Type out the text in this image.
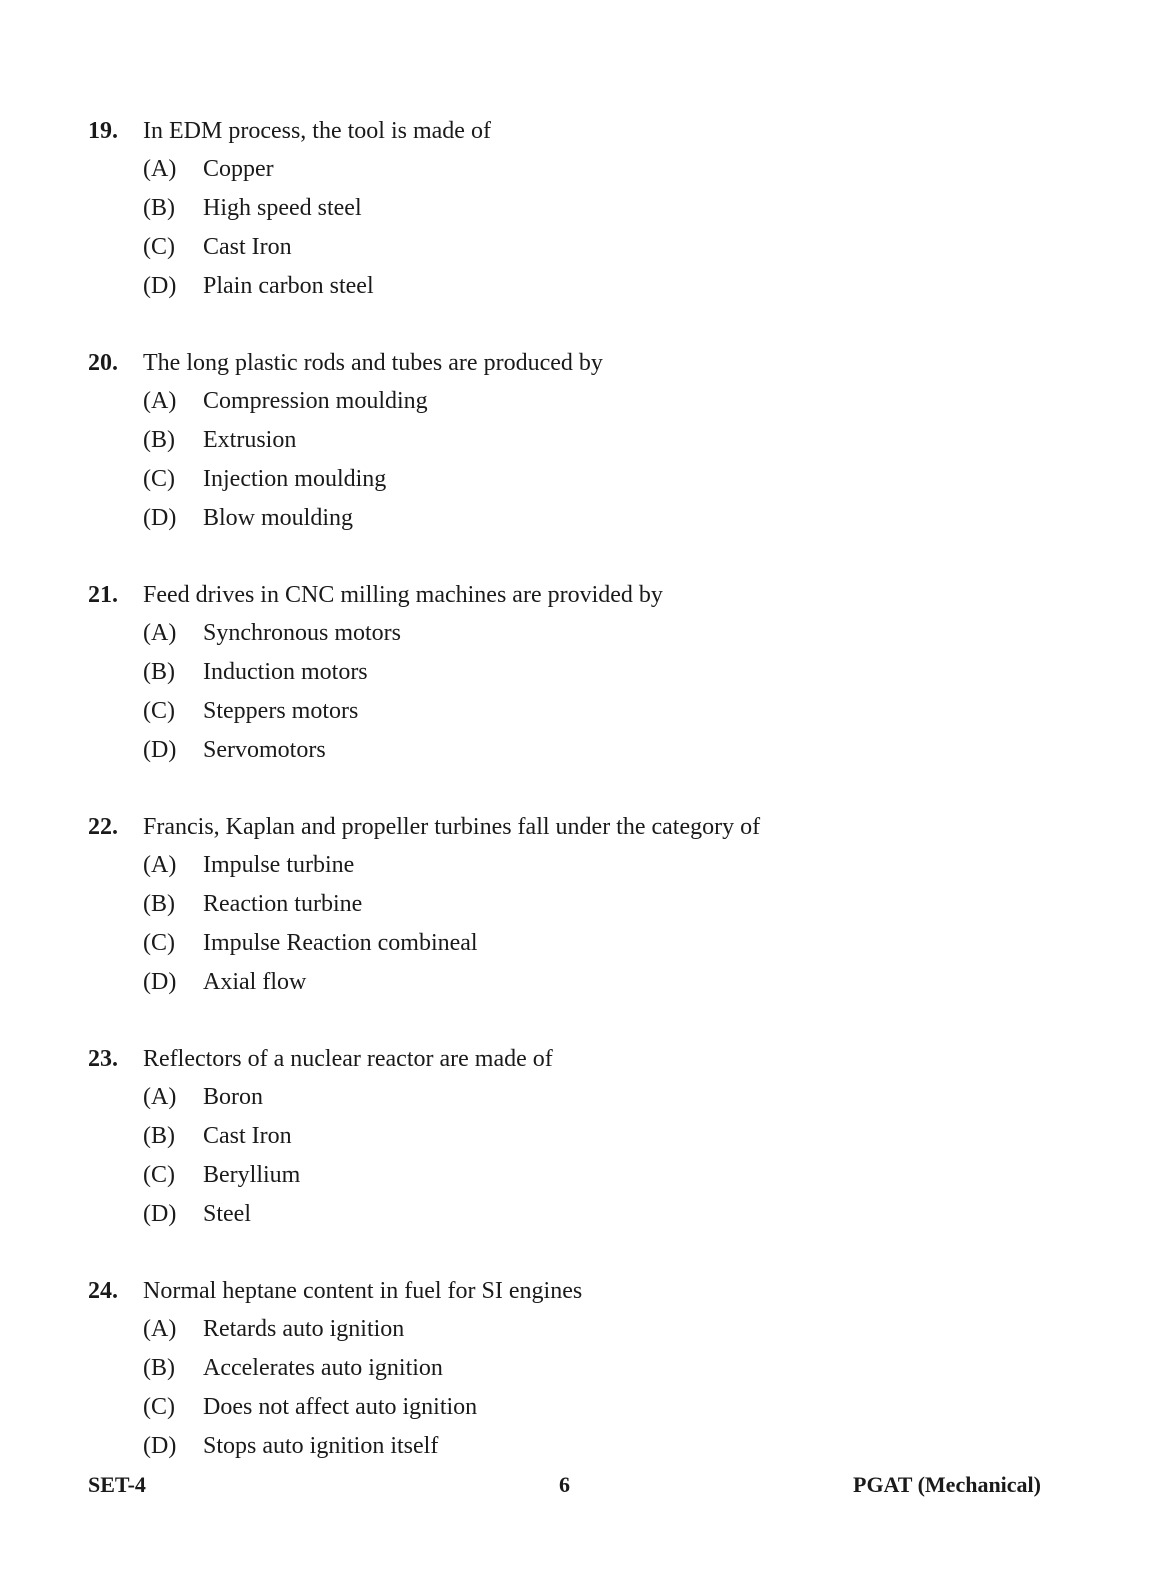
19.	In EDM process, the tool is made of
(A)	Copper
(B)	High speed steel
(C)	Cast Iron
(D)	Plain carbon steel
20.	The long plastic rods and tubes are produced by
(A)	Compression moulding
(B)	Extrusion
(C)	Injection moulding
(D)	Blow moulding
21.	Feed drives in CNC milling machines are provided by
(A)	Synchronous motors
(B)	Induction motors
(C)	Steppers motors
(D)	Servomotors
22.	Francis, Kaplan and propeller turbines fall under the category of
(A)	Impulse turbine
(B)	Reaction turbine
(C)	Impulse Reaction combineal
(D)	Axial flow
23.	Reflectors of a nuclear reactor are made of
(A)	Boron
(B)	Cast Iron
(C)	Beryllium
(D)	Steel
24.	Normal heptane content in fuel for SI engines
(A)	Retards auto ignition
(B)	Accelerates auto ignition
(C)	Does not affect auto ignition
(D)	Stops auto ignition itself
6
SET-4	PGAT (Mechanical)
